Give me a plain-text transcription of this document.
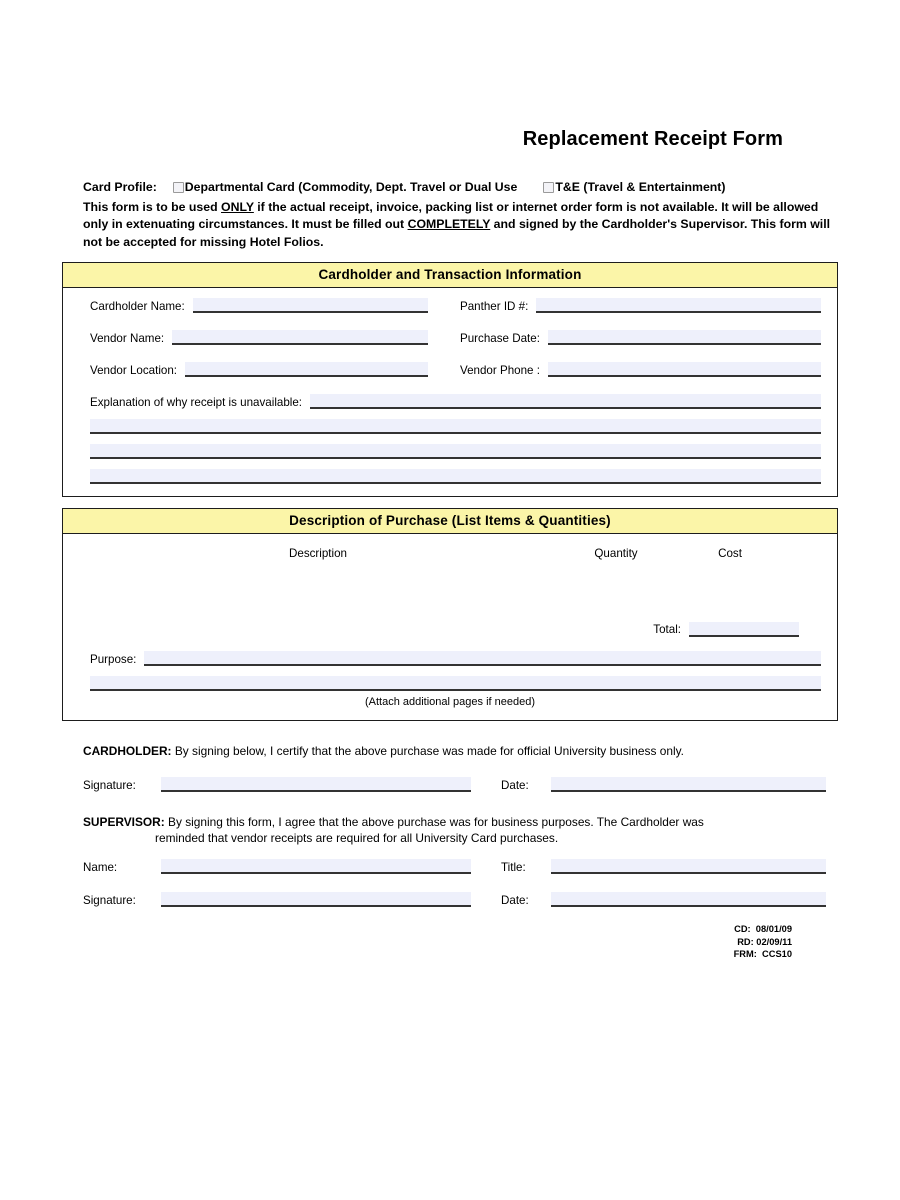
Replacement Receipt Form
Card Profile: Departmental Card (Commodity, Dept. Travel or Dual Use	T&E (Travel & Entertainment)
This form is to be used ONLY if the actual receipt, invoice, packing list or internet order form is not available. It will be allowed only in extenuating circumstances. It must be filled out COMPLETELY and signed by the Cardholder's Supervisor. This form will not be accepted for missing Hotel Folios.
Cardholder and Transaction Information
Cardholder Name:	Panther ID #:
Vendor Name:	Purchase Date:
Vendor Location:	Vendor Phone :
Explanation of why receipt is unavailable:
Description of Purchase (List Items & Quantities)
Description	Quantity	Cost
Total:
Purpose:
(Attach additional pages if needed)
CARDHOLDER: By signing below, I certify that the above purchase was made for official University business only.
Signature:	Date:
SUPERVISOR: By signing this form, I agree that the above purchase was for business purposes. The Cardholder was
reminded that vendor receipts are required for all University Card purchases.
Name:	Title:
Signature:	Date:
CD:  08/01/09
RD: 02/09/11
FRM:  CCS10
